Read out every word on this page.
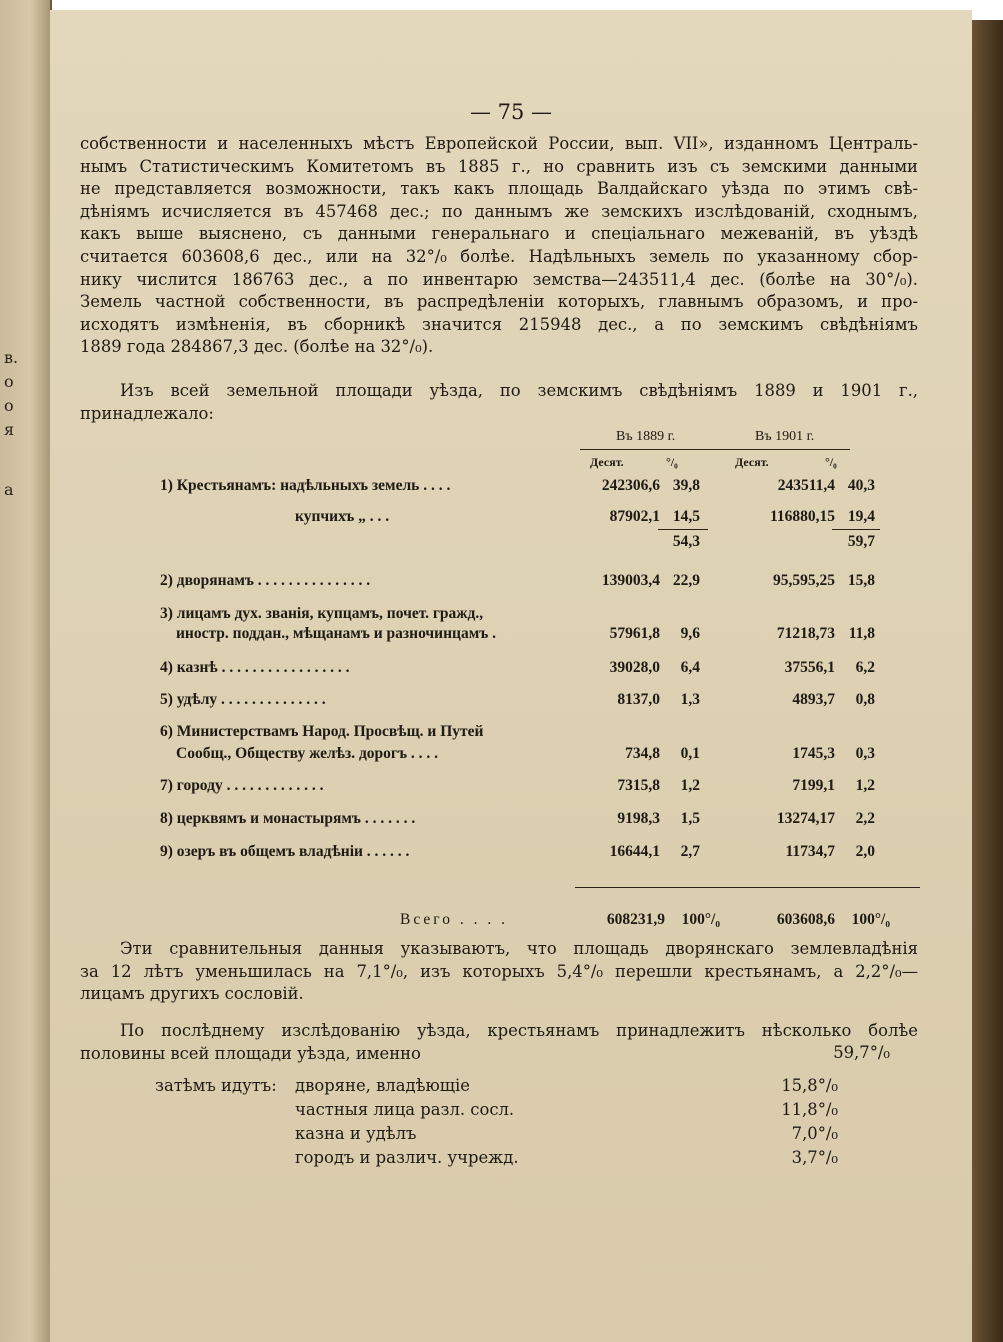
в.
о
о
я
а
— 75 —
собственности и населенныхъ мѣстъ Европейской России, вып. VII», изданномъ Централь-
нымъ Статистическимъ Комитетомъ въ 1885 г., но сравнить изъ съ земскими данными
не представляется возможности, такъ какъ площадь Валдайскаго уѣзда по этимъ свѣ-
дѣніямъ исчисляется въ 457468 дес.; по даннымъ же земскихъ изслѣдованій, сходнымъ,
какъ выше выяснено, съ данными генеральнаго и спеціальнаго межеваній, въ уѣздѣ
считается 603608,6 дес., или на 32°/₀ болѣе. Надѣльныхъ земель по указанному сбор-
нику числится 186763 дес., а по инвентарю земства—243511,4 дес. (болѣе на 30°/₀).
Земель частной собственности, въ распредѣленіи которыхъ, главнымъ образомъ, и про-
исходятъ измѣненія, въ сборникѣ значится 215948 дес., а по земскимъ свѣдѣніямъ
1889 года 284867,3 дес. (болѣе на 32°/₀).
Изъ всей земельной площади уѣзда, по земскимъ свѣдѣніямъ 1889 и 1901 г.,
принадлежало:
Въ 1889 г.	Въ 1901 г.
Десят.	°/₀	Десят.	°/₀
1) Крестьянамъ: надѣльныхъ земель . . . .	242306,6 39,8	243511,4 40,3
купчихъ „ . . .	87902,1 14,5	116880,15 19,4
54,3	59,7
2) дворянамъ . . . . . . . . . . . . . . .	139003,4 22,9	95,595,25 15,8
3) лицамъ дух. званія, купцамъ, почет. гражд.,
иностр. поддан., мѣщанамъ и разночинцамъ .	57961,8 9,6	71218,73 11,8
4) казнѣ . . . . . . . . . . . . . . . . .	39028,0 6,4	37556,1 6,2
5) удѣлу . . . . . . . . . . . . . .	8137,0 1,3	4893,7 0,8
6) Министерствамъ Народ. Просвѣщ. и Путей
Сообщ., Обществу желѣз. дорогъ . . . .	734,8 0,1	1745,3 0,3
7) городу . . . . . . . . . . . . .	7315,8 1,2	7199,1 1,2
8) церквямъ и монастырямъ . . . . . . .	9198,3 1,5	13274,17 2,2
9) озеръ въ общемъ владѣніи . . . . . .	16644,1 2,7	11734,7 2,0
Всего . . . .	608231,9 100°/₀	603608,6 100°/₀
Эти сравнительныя данныя указываютъ, что площадь дворянскаго землевладѣнія
за 12 лѣтъ уменьшилась на 7,1°/₀, изъ которыхъ 5,4°/₀ перешли крестьянамъ, а 2,2°/₀—
лицамъ другихъ сословій.
По послѣднему изслѣдованію уѣзда, крестьянамъ принадлежитъ нѣсколько болѣе
половины всей площади уѣзда, именно	59,7°/₀
затѣмъ идутъ: дворяне, владѣющіе	15,8°/₀
частныя лица разл. сосл.	11,8°/₀
казна и удѣлъ	7,0°/₀
городъ и различ. учрежд.	3,7°/₀
